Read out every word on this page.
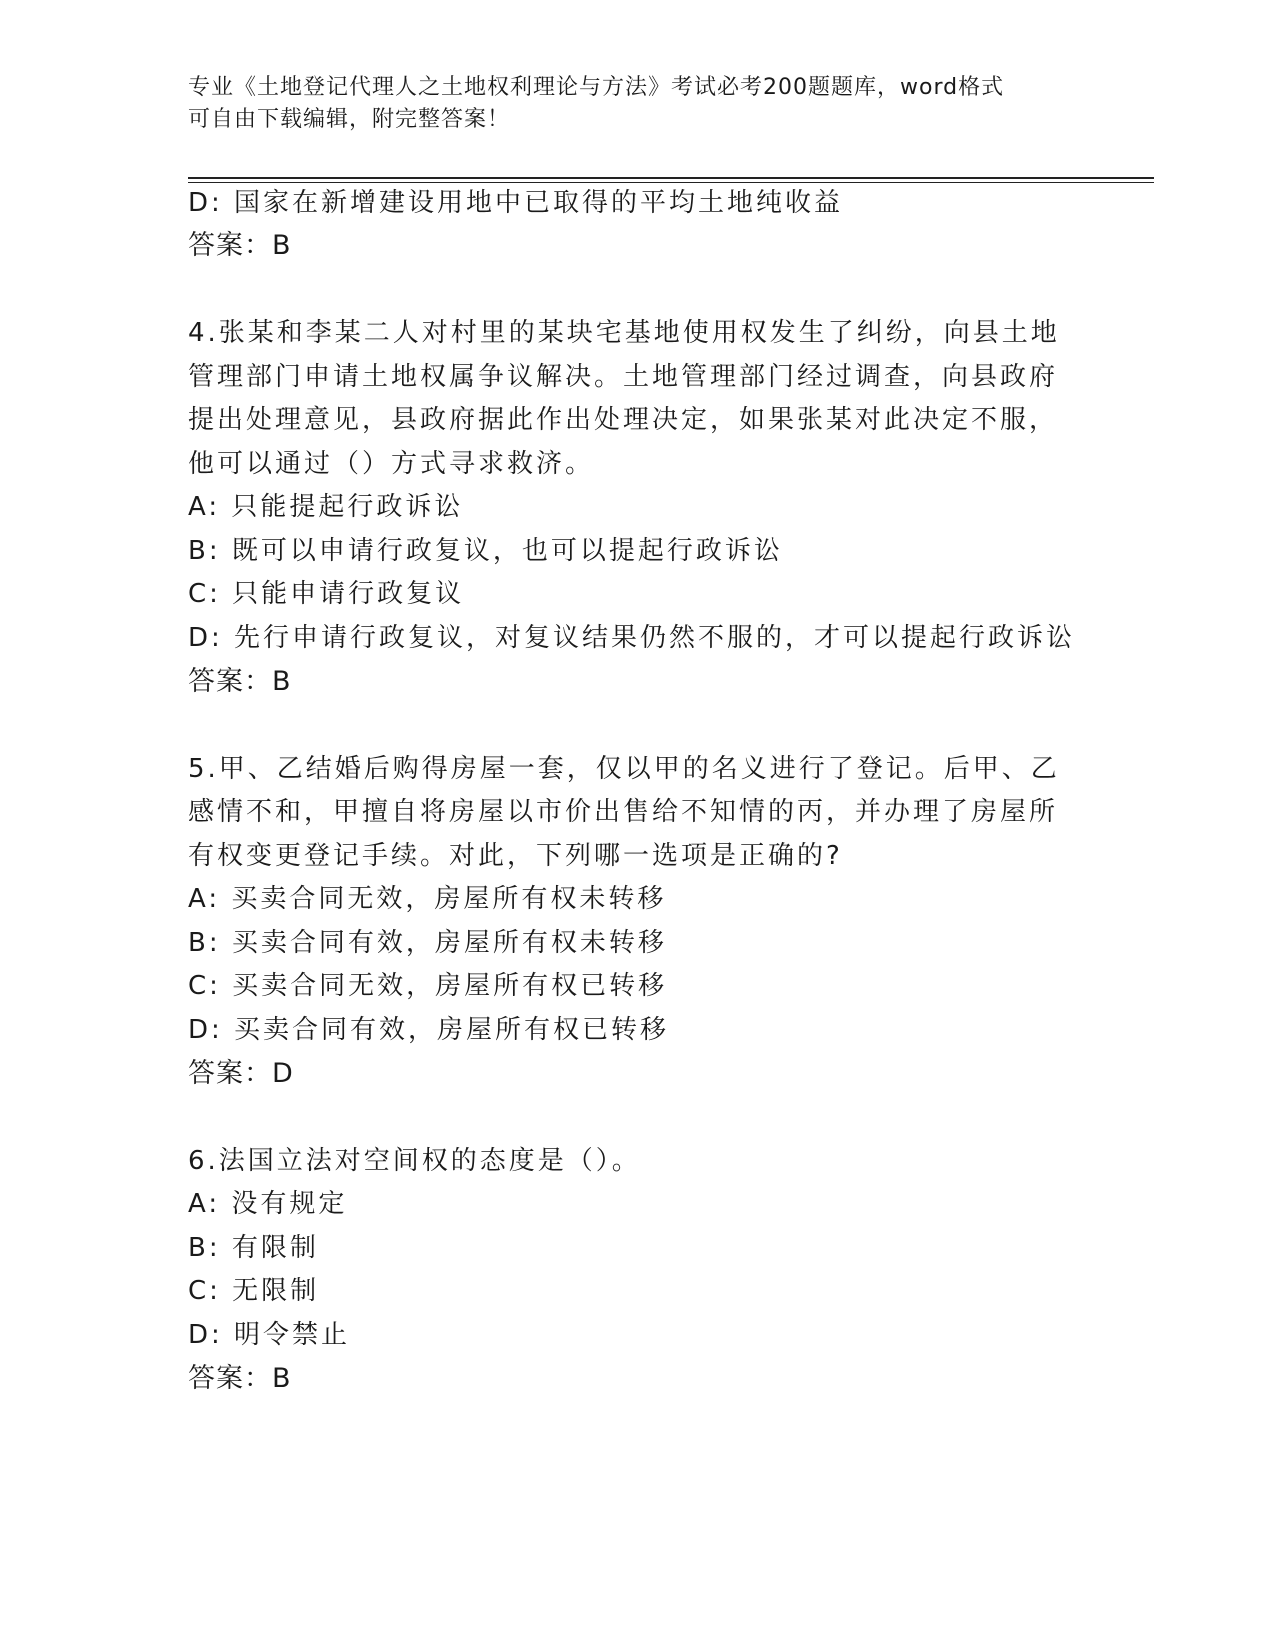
专业《土地登记代理人之土地权利理论与方法》考试必考200题题库，word格式
可自由下载编辑，附完整答案！
D: 国家在新增建设用地中已取得的平均土地纯收益
答案：B
4.张某和李某二人对村里的某块宅基地使用权发生了纠纷，向县土地
管理部门申请土地权属争议解决。土地管理部门经过调查，向县政府
提出处理意见，县政府据此作出处理决定，如果张某对此决定不服，
他可以通过（）方式寻求救济。
A: 只能提起行政诉讼
B: 既可以申请行政复议，也可以提起行政诉讼
C: 只能申请行政复议
D: 先行申请行政复议，对复议结果仍然不服的，才可以提起行政诉讼
答案：B
5.甲、乙结婚后购得房屋一套，仅以甲的名义进行了登记。后甲、乙
感情不和，甲擅自将房屋以市价出售给不知情的丙，并办理了房屋所
有权变更登记手续。对此，下列哪一选项是正确的?
A: 买卖合同无效，房屋所有权未转移
B: 买卖合同有效，房屋所有权未转移
C: 买卖合同无效，房屋所有权已转移
D: 买卖合同有效，房屋所有权已转移
答案：D
6.法国立法对空间权的态度是（）。
A: 没有规定
B: 有限制
C: 无限制
D: 明令禁止
答案：B
